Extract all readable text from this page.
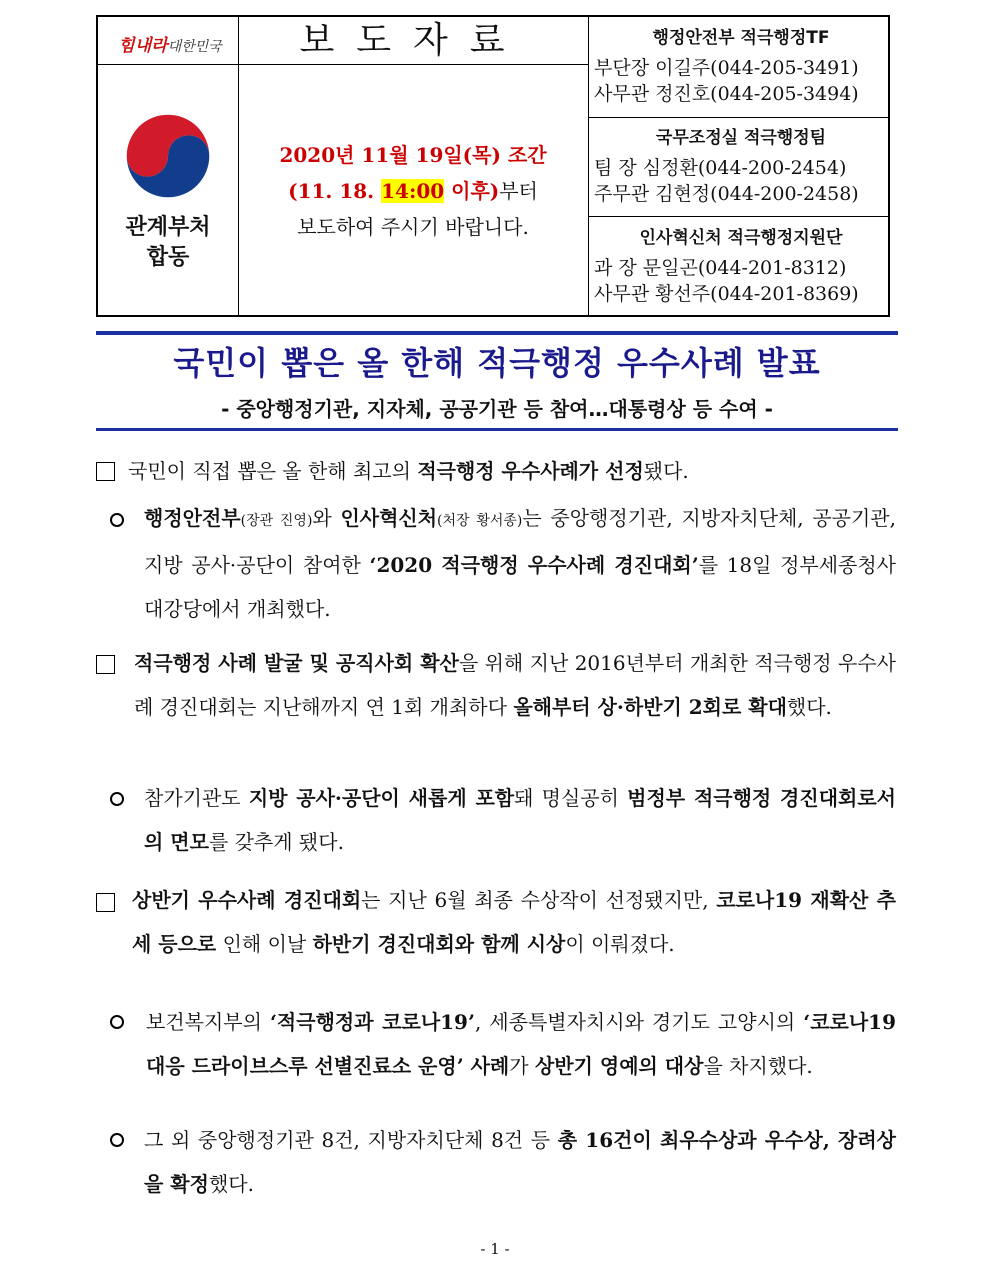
힘내라대한민국	보도자료
관계부처
합동
2020년 11월 19일(목) 조간
(11. 18. 14:00 이후)부터
보도하여 주시기 바랍니다.
행정안전부 적극행정TF
부단장 이길주(044-205-3491)
사무관 정진호(044-205-3494)
국무조정실 적극행정팀
팀 장 심정환(044-200-2454)
주무관 김현정(044-200-2458)
인사혁신처 적극행정지원단
과 장 문일곤(044-201-8312)
사무관 황선주(044-201-8369)
국민이 뽑은 올 한해 적극행정 우수사례 발표
- 중앙행정기관, 지자체, 공공기관 등 참여…대통령상 등 수여 -
국민이 직접 뽑은 올 한해 최고의 적극행정 우수사례가 선정됐다.
행정안전부(장관 진영)와 인사혁신처(처장 황서종)는 중앙행정기관, 지방자치단체, 공공기관, 지방 공사·공단이 참여한 ‘2020 적극행정 우수사례 경진대회’를 18일 정부세종청사 대강당에서 개최했다.
적극행정 사례 발굴 및 공직사회 확산을 위해 지난 2016년부터 개최한 적극행정 우수사례 경진대회는 지난해까지 연 1회 개최하다 올해부터 상·하반기 2회로 확대했다.
참가기관도 지방 공사·공단이 새롭게 포함돼 명실공히 범정부 적극행정 경진대회로서의 면모를 갖추게 됐다.
상반기 우수사례 경진대회는 지난 6월 최종 수상작이 선정됐지만, 코로나19 재확산 추세 등으로 인해 이날 하반기 경진대회와 함께 시상이 이뤄졌다.
보건복지부의 ‘적극행정과 코로나19’, 세종특별자치시와 경기도 고양시의 ‘코로나19 대응 드라이브스루 선별진료소 운영’ 사례가 상반기 영예의 대상을 차지했다.
그 외 중앙행정기관 8건, 지방자치단체 8건 등 총 16건이 최우수상과 우수상, 장려상을 확정했다.
- 1 -
